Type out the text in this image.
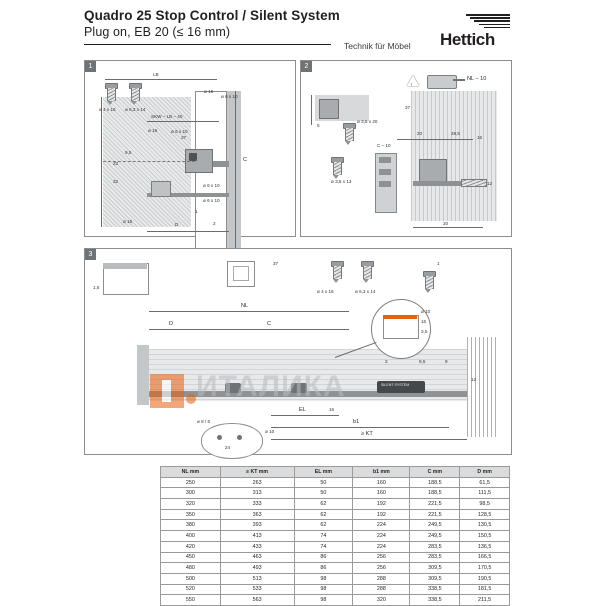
Quadro 25 Stop Control / Silent System
Plug on, EB 20 (≤ 16 mm)
Technik für Möbel Hettich
1
LB
SKW – LB – 40
ø 16
ø 6 x 10
ø 4 x 16 ø 6,3 x 14
ø 16	ø 6 x 10
9,5
23
32
37
C
ø 6 x 10
ø 6 x 10
ø 16
1
2
D
2
!
NL – 10
ø 3,5 x 20
ø 3,5 x 13
C – 10
20	28,5
20
16
37
12
5
3
1,6
ø 4 x 16	ø 6,3 x 14
37	1
SILENT SYSTEM
ø 10
16
3,5
ø 8 / 6
ø 10
24
NL
D	C
EL
b1
≥ KT
16
12
9
9,5
2
ИТАЛИКА
NL mm	≥ KT mm	EL mm	b1 mm	C mm	D mm
250	263	50	160	188,5	61,5
300	313	50	160	188,5	111,5
320	333	62	192	221,5	98,5
350	363	62	192	221,5	128,5
380	393	62	224	249,5	130,5
400	413	74	224	249,5	150,5
420	433	74	224	283,5	136,5
450	463	86	256	283,5	166,5
480	493	86	256	309,5	170,5
500	513	98	288	309,5	190,5
520	533	98	288	338,5	181,5
550	563	98	320	338,5	211,5
